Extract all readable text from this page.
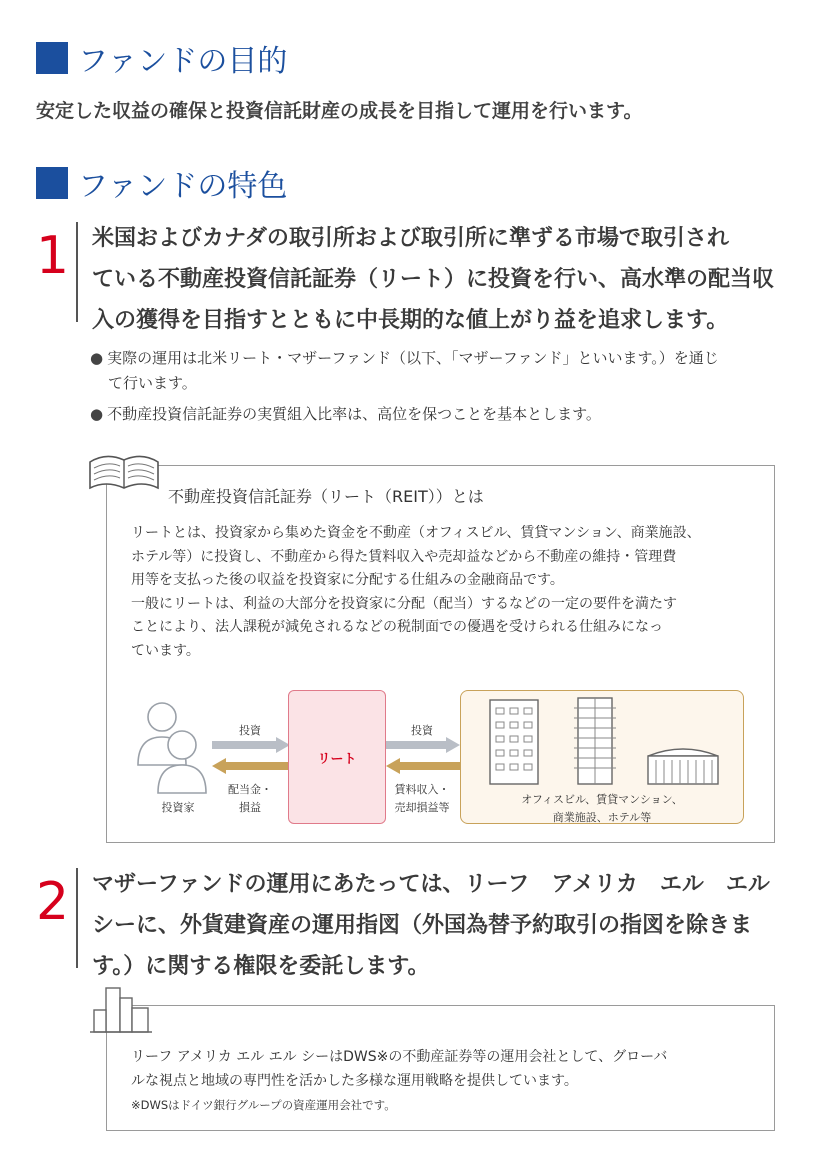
ファンドの目的
安定した収益の確保と投資信託財産の成長を目指して運用を行います。
ファンドの特色
1 米国およびカナダの取引所および取引所に準ずる市場で取引され
ている不動産投資信託証券（リート）に投資を行い、高水準の配当収
入の獲得を目指すとともに中長期的な値上がり益を追求します。
● 実際の運用は北米リート・マザーファンド（以下、「マザーファンド」といいます。）を通じ
て行います。
● 不動産投資信託証券の実質組入比率は、高位を保つことを基本とします。
不動産投資信託証券（リート（REIT））とは
リートとは、投資家から集めた資金を不動産（オフィスビル、賃貸マンション、商業施設、
ホテル等）に投資し、不動産から得た賃料収入や売却益などから不動産の維持・管理費
用等を支払った後の収益を投資家に分配する仕組みの金融商品です。
一般にリートは、利益の大部分を投資家に分配（配当）するなどの一定の要件を満たす
ことにより、法人課税が減免されるなどの税制面での優遇を受けられる仕組みになっ
ています。
投資家
投資
配当金・
損益
リート
投資
賃料収入・
売却損益等
オフィスビル、賃貸マンション、
商業施設、ホテル等
2 マザーファンドの運用にあたっては、リーフ　アメリカ　エル　エル
シーに、外貨建資産の運用指図（外国為替予約取引の指図を除きま
す。）に関する権限を委託します。
リーフ アメリカ エル エル シーはDWS※の不動産証券等の運用会社として、グローバ
ルな視点と地域の専門性を活かした多様な運用戦略を提供しています。
※DWSはドイツ銀行グループの資産運用会社です。
